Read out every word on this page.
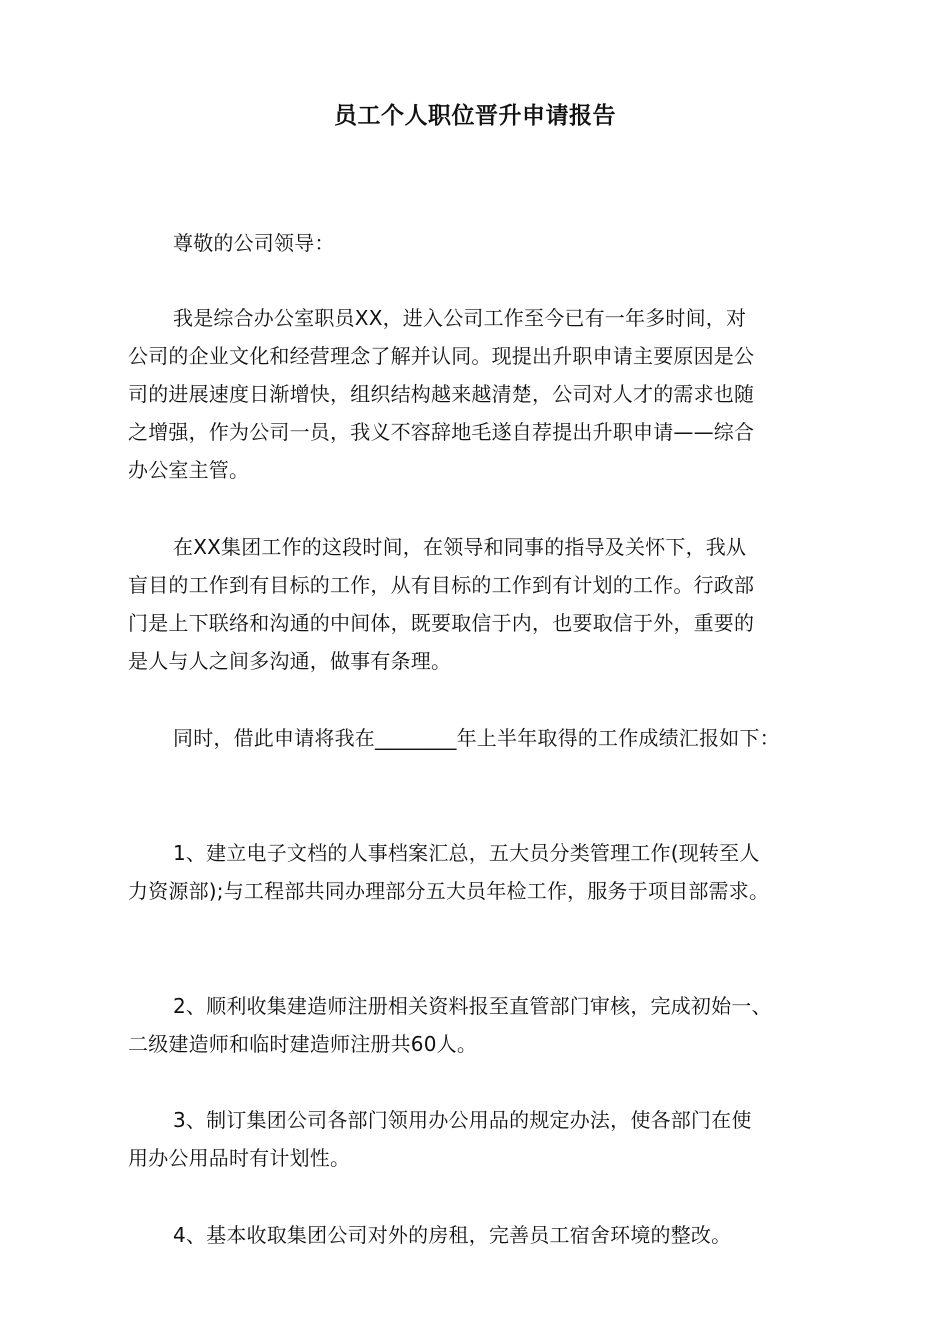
员工个人职位晋升申请报告

尊敬的公司领导：

我是综合办公室职员XX，进入公司工作至今已有一年多时间，对
公司的企业文化和经营理念了解并认同。现提出升职申请主要原因是公
司的进展速度日渐增快，组织结构越来越清楚，公司对人才的需求也随
之增强，作为公司一员，我义不容辞地毛遂自荐提出升职申请——综合
办公室主管。

在XX集团工作的这段时间，在领导和同事的指导及关怀下，我从
盲目的工作到有目标的工作，从有目标的工作到有计划的工作。行政部
门是上下联络和沟通的中间体，既要取信于内，也要取信于外，重要的
是人与人之间多沟通，做事有条理。

同时，借此申请将我在________年上半年取得的工作成绩汇报如下：

1、建立电子文档的人事档案汇总，五大员分类管理工作(现转至人
力资源部);与工程部共同办理部分五大员年检工作，服务于项目部需求。

2、顺利收集建造师注册相关资料报至直管部门审核，完成初始一、
二级建造师和临时建造师注册共60人。

3、制订集团公司各部门领用办公用品的规定办法，使各部门在使
用办公用品时有计划性。

4、基本收取集团公司对外的房租，完善员工宿舍环境的整改。
